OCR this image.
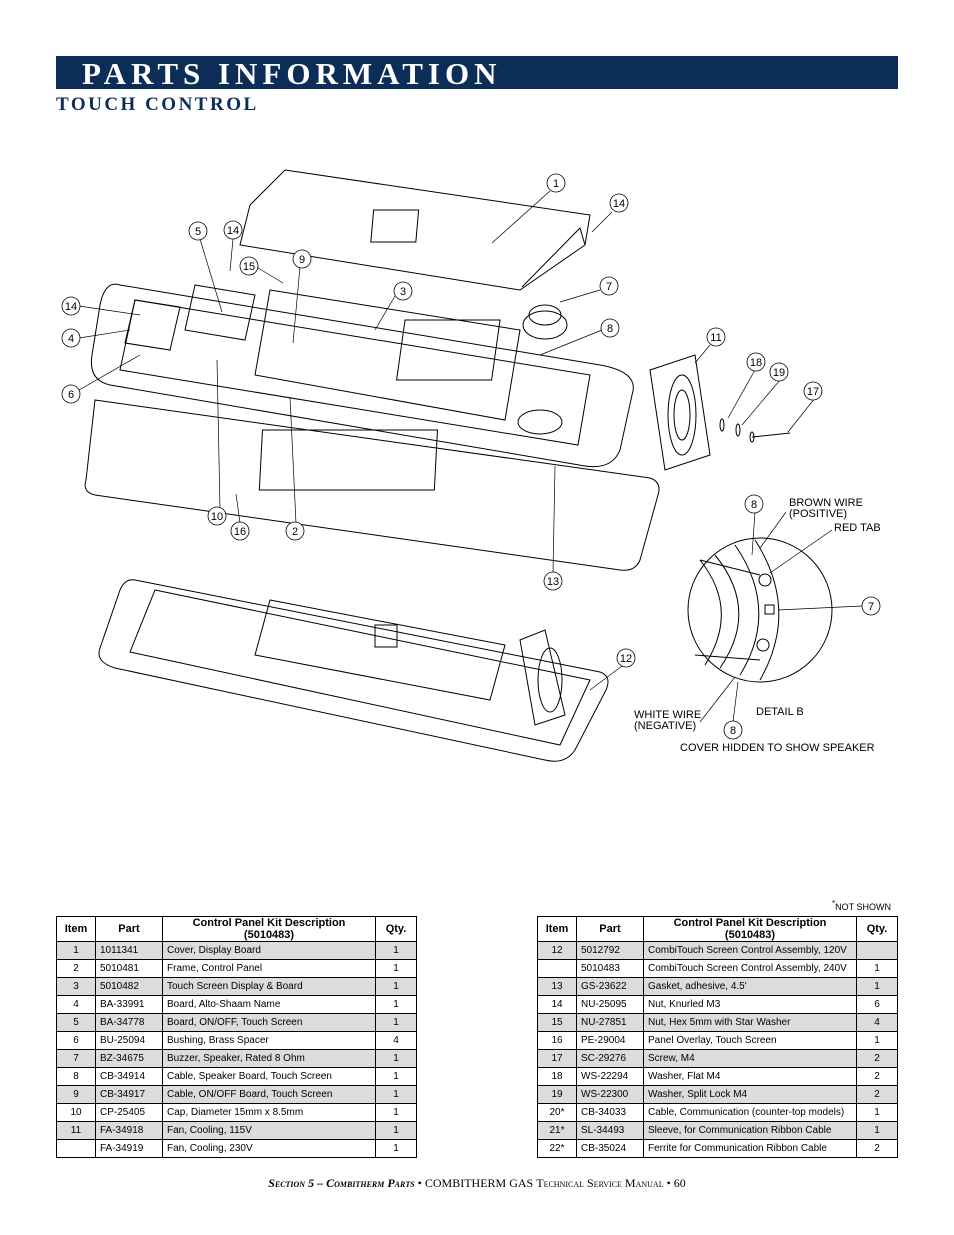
PARTS INFORMATION
TOUCH CONTROL
1
14
5 14
15
9
3	7
14
4
6
8
11
18
19
17
10
16	2
13
12
8
7
8
BROWN WIRE
(POSITIVE)
RED TAB
WHITE WIRE
(NEGATIVE)
DETAIL B
COVER HIDDEN TO SHOW SPEAKER
*NOT SHOWN
Item	Part	Control Panel Kit Description (5010483)	Qty.
1	1011341	Cover, Display Board	1
2	5010481	Frame, Control Panel	1
3	5010482	Touch Screen Display & Board	1
4	BA-33991	Board, Alto-Shaam Name	1
5	BA-34778	Board, ON/OFF, Touch Screen	1
6	BU-25094	Bushing, Brass Spacer	4
7	BZ-34675	Buzzer, Speaker, Rated 8 Ohm	1
8	CB-34914	Cable, Speaker Board, Touch Screen	1
9	CB-34917	Cable, ON/OFF Board, Touch Screen	1
10	CP-25405	Cap, Diameter 15mm x 8.5mm	1
11	FA-34918	Fan, Cooling, 115V	1
	FA-34919	Fan, Cooling, 230V	1
Item	Part	Control Panel Kit Description (5010483)	Qty.
12	5012792	CombiTouch Screen Control Assembly, 120V	
	5010483	CombiTouch Screen Control Assembly, 240V	1
13	GS-23622	Gasket, adhesive, 4.5'	1
14	NU-25095	Nut, Knurled M3	6
15	NU-27851	Nut, Hex 5mm with Star Washer	4
16	PE-29004	Panel Overlay, Touch Screen	1
17	SC-29276	Screw, M4	2
18	WS-22294	Washer, Flat M4	2
19	WS-22300	Washer, Split Lock M4	2
20*	CB-34033	Cable, Communication (counter-top models)	1
21*	SL-34493	Sleeve, for Communication Ribbon Cable	1
22*	CB-35024	Ferrite for Communication Ribbon Cable	2
Section 5 – Combitherm Parts • COMBITHERM GAS Technical Service Manual • 60
